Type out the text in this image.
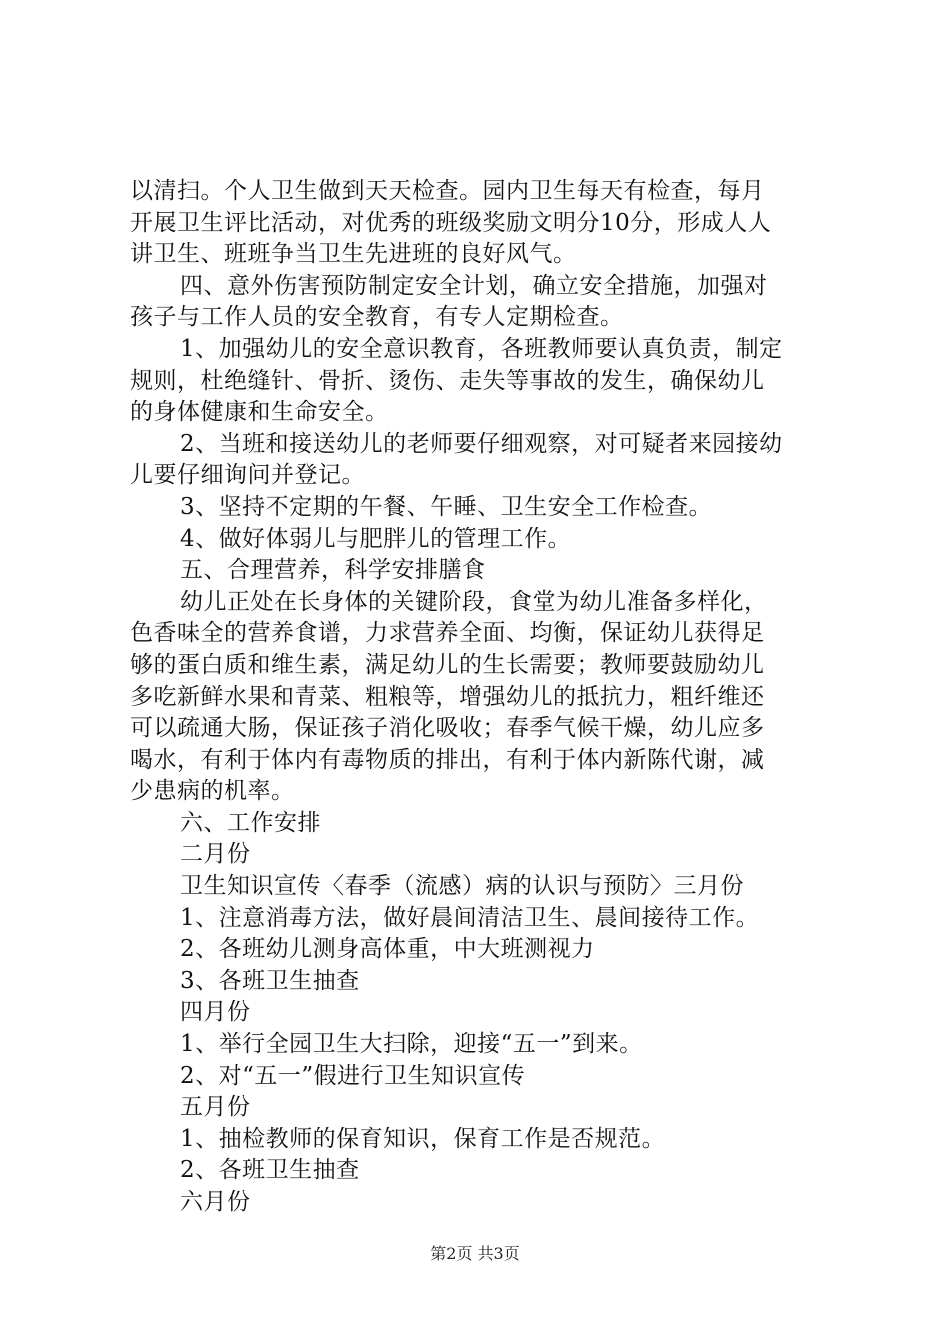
以清扫。个人卫生做到天天检查。园内卫生每天有检查，每月
开展卫生评比活动，对优秀的班级奖励文明分10分，形成人人
讲卫生、班班争当卫生先进班的良好风气。
四、意外伤害预防制定安全计划，确立安全措施，加强对
孩子与工作人员的安全教育，有专人定期检查。
1、加强幼儿的安全意识教育，各班教师要认真负责，制定
规则，杜绝缝针、骨折、烫伤、走失等事故的发生，确保幼儿
的身体健康和生命安全。
2、当班和接送幼儿的老师要仔细观察，对可疑者来园接幼
儿要仔细询问并登记。
3、坚持不定期的午餐、午睡、卫生安全工作检查。
4、做好体弱儿与肥胖儿的管理工作。
五、合理营养，科学安排膳食
幼儿正处在长身体的关键阶段，食堂为幼儿准备多样化，
色香味全的营养食谱，力求营养全面、均衡，保证幼儿获得足
够的蛋白质和维生素，满足幼儿的生长需要；教师要鼓励幼儿
多吃新鲜水果和青菜、粗粮等，增强幼儿的抵抗力，粗纤维还
可以疏通大肠，保证孩子消化吸收；春季气候干燥，幼儿应多
喝水，有利于体内有毒物质的排出，有利于体内新陈代谢，减
少患病的机率。
六、工作安排
二月份
卫生知识宣传〈春季（流感）病的认识与预防〉三月份
1、注意消毒方法，做好晨间清洁卫生、晨间接待工作。
2、各班幼儿测身高体重，中大班测视力
3、各班卫生抽查
四月份
1、举行全园卫生大扫除，迎接“五一”到来。
2、对“五一”假进行卫生知识宣传
五月份
1、抽检教师的保育知识，保育工作是否规范。
2、各班卫生抽查
六月份
第2页 共3页
